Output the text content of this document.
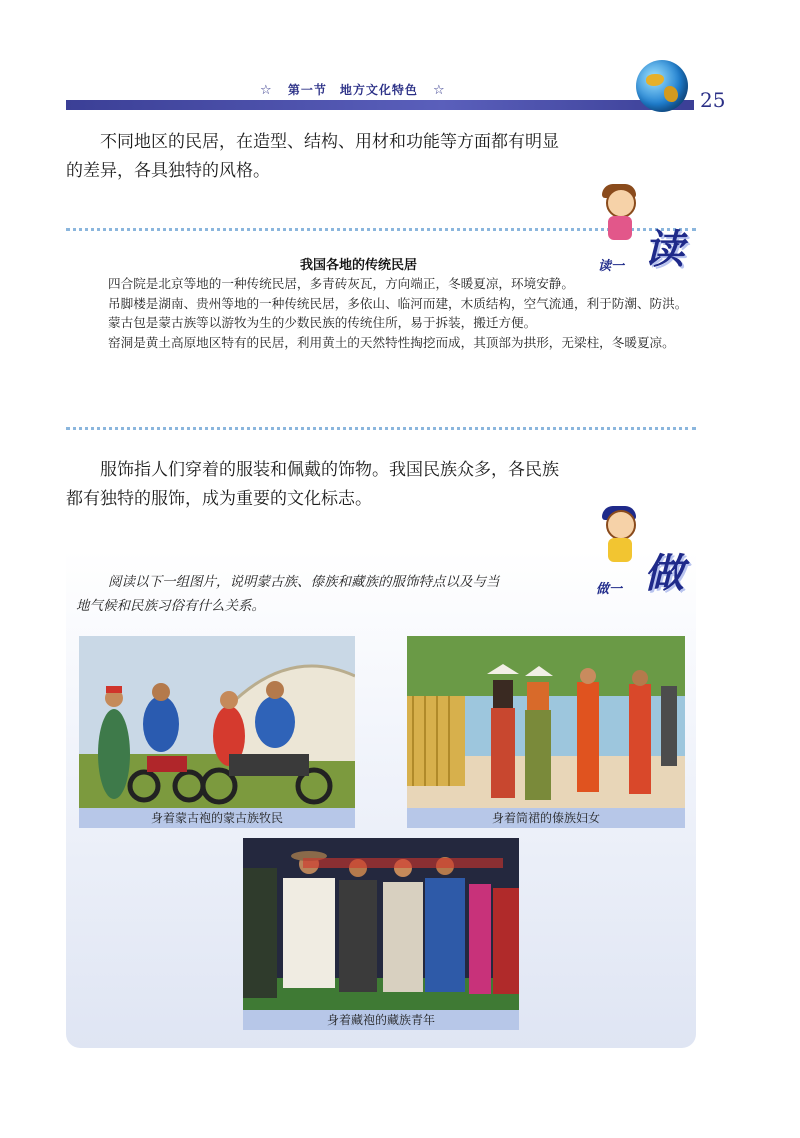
☆ 第一节　地方文化特色 ☆	25
不同地区的民居，在造型、结构、用材和功能等方面都有明显
的差异，各具独特的风格。
读一 读
我国各地的传统民居

四合院是北京等地的一种传统民居，多青砖灰瓦，方向端正，冬暖夏凉，环境安静。

吊脚楼是湖南、贵州等地的一种传统民居，多依山、临河而建，木质结构，空气流通，利于防潮、防洪。

蒙古包是蒙古族等以游牧为生的少数民族的传统住所，易于拆装，搬迁方便。

窑洞是黄土高原地区特有的民居，利用黄土的天然特性掏挖而成，其顶部为拱形，无梁柱，冬暖夏凉。

服饰指人们穿着的服装和佩戴的饰物。我国民族众多，各民族
都有独特的服饰，成为重要的文化标志。
做一 做
阅读以下一组图片，说明蒙古族、傣族和藏族的服饰特点以及与当
地气候和民族习俗有什么关系。
身着蒙古袍的蒙古族牧民	身着筒裙的傣族妇女
身着藏袍的藏族青年
